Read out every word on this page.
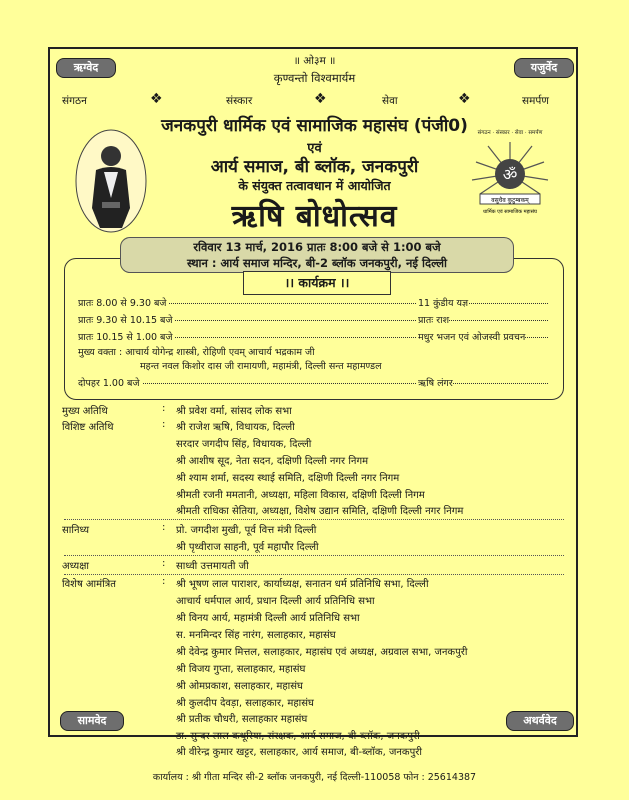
ऋग्वेद	यजुर्वेद
सामवेद	अथर्ववेद
॥ ओ३म ॥
कृण्वन्तो विश्वमार्यम
संगठन	❖	संस्कार	❖	सेवा	❖	समर्पण
जनकपुरी धार्मिक एवं सामाजिक महासंघ (पंजी0)
एवं
आर्य समाज, बी ब्लॉक, जनकपुरी
के संयुक्त तत्वावधान में आयोजित
ऋषि बोधोत्सव
ॐ
वसुधैव कुटुम्बकम्
धार्मिक एवं सामाजिक महासंघ
संगठन · संस्कार · सेवा · समर्पण
रविवार 13 मार्च, 2016 प्रातः 8:00 बजे से 1:00 बजे
स्थान : आर्य समाज मन्दिर, बी-2 ब्लॉक जनकपुरी, नई दिल्ली
।। कार्यक्रम ।।
प्रातः 8.00 से 9.30 बजे	11 कुंडीय यज्ञ
प्रातः 9.30 से 10.15 बजे	प्रातः राश
प्रातः 10.15 से 1.00 बजे	मधुर भजन एवं ओजस्वी प्रवचन
मुख्य वक्ता : आचार्य योगेन्द्र शास्त्री, रोहिणी एवम् आचार्य भद्रकाम जी
महन्त नवल किशोर दास जी रामायणी, महामंत्री, दिल्ली सन्त महामण्डल
दोपहर 1.00 बजे	ऋषि लंगर
मुख्य अतिथि	: श्री प्रवेश वर्मा, सांसद लोक सभा
विशिष्ट अतिथि	: श्री राजेश ऋषि, विधायक, दिल्ली
सरदार जगदीप सिंह, विधायक, दिल्ली
श्री आशीष सूद, नेता सदन, दक्षिणी दिल्ली नगर निगम
श्री श्याम शर्मा, सदस्य स्थाई समिति, दक्षिणी दिल्ली नगर निगम
श्रीमती रजनी ममतानी, अध्यक्षा, महिला विकास, दक्षिणी दिल्ली निगम
श्रीमती राधिका सेतिया, अध्यक्षा, विशेष उद्यान समिति, दक्षिणी दिल्ली नगर निगम
सानिध्य	: प्रो. जगदीश मुखी, पूर्व वित्त मंत्री दिल्ली
श्री पृथ्वीराज साहनी, पूर्व महापौर दिल्ली
अध्यक्षा	: साध्वी उत्तमायती जी
विशेष आमंत्रित	: श्री भूषण लाल पाराशर, कार्याध्यक्ष, सनातन धर्म प्रतिनिधि सभा, दिल्ली
आचार्य धर्मपाल आर्य, प्रधान दिल्ली आर्य प्रतिनिधि सभा
श्री विनय आर्य, महामंत्री दिल्ली आर्य प्रतिनिधि सभा
स. मनमिन्दर सिंह नारंग, सलाहकार, महासंघ
श्री देवेन्द्र कुमार मित्तल, सलाहकार, महासंघ एवं अध्यक्ष, अग्रवाल सभा, जनकपुरी
श्री विजय गुप्ता, सलाहकार, महासंघ
श्री ओमप्रकाश, सलाहकार, महासंघ
श्री कुलदीप देवड़ा, सलाहकार, महासंघ
श्री प्रतीक चौधरी, सलाहकार महासंघ
डा. सुन्दर लाल कथूरिया, संरक्षक, आर्य समाज, बी-ब्लॉक, जनकपुरी
श्री वीरेन्द्र कुमार खट्टर, सलाहकार, आर्य समाज, बी-ब्लॉक, जनकपुरी
कार्यालय : श्री गीता मन्दिर सी-2 ब्लॉक जनकपुरी, नई दिल्ली-110058 फोन : 25614387
